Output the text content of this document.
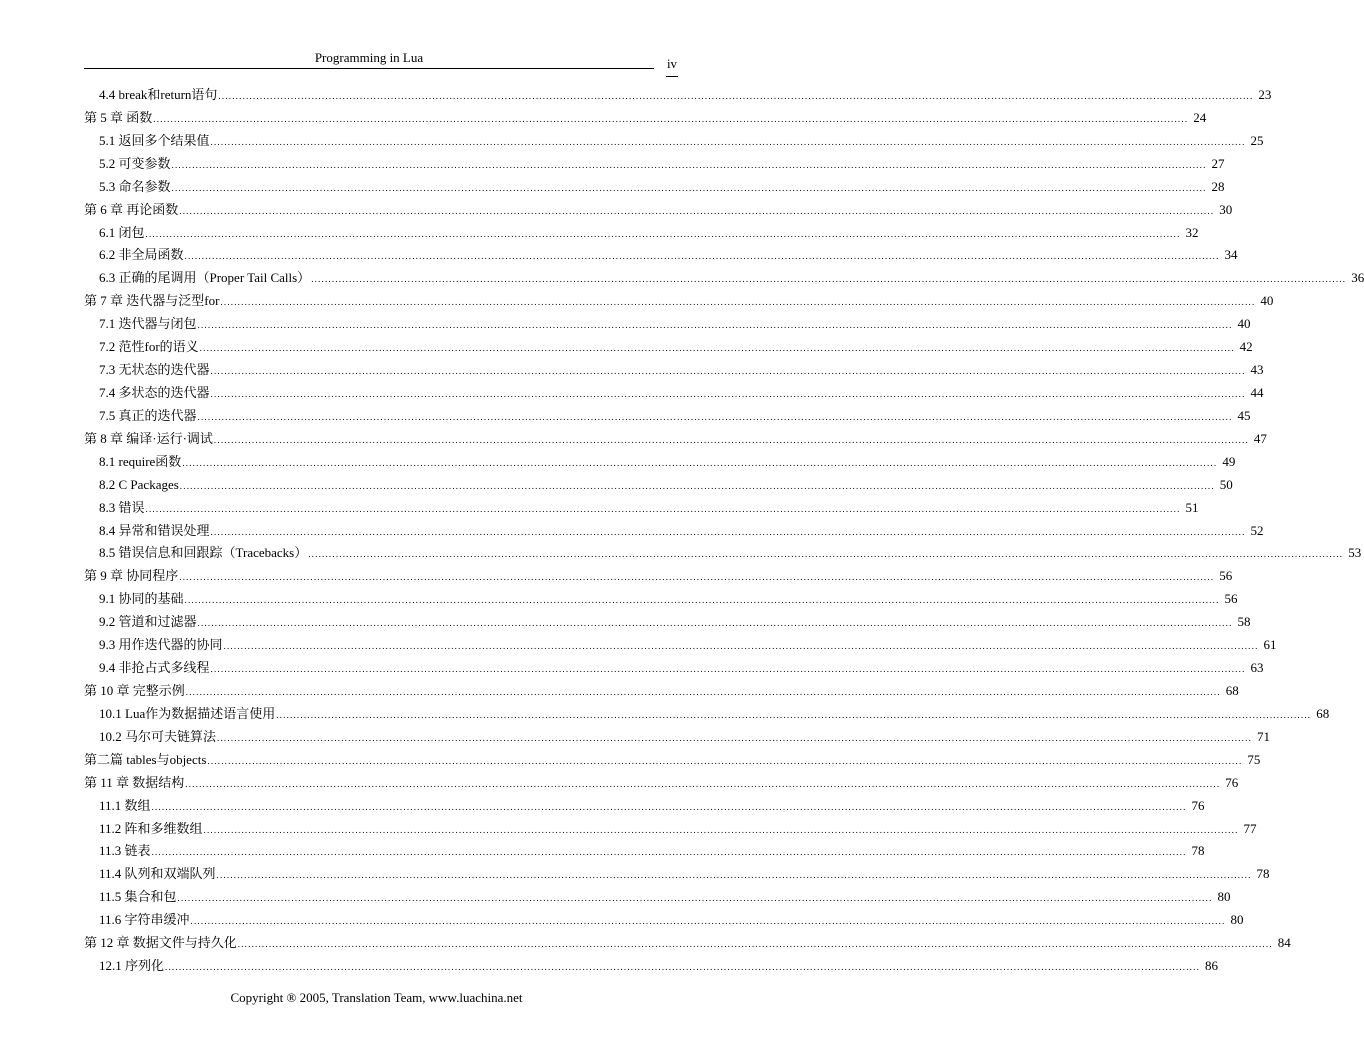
Programming in Lua	iv
4.4 break和return语句 ............................................................................................................................................................................................................................................................................................................ 23
第 5 章 函数 ............................................................................................................................................................................................................................................................................................................ 24
5.1 返回多个结果值 ............................................................................................................................................................................................................................................................................................................ 25
5.2 可变参数 ............................................................................................................................................................................................................................................................................................................ 27
5.3 命名参数 ............................................................................................................................................................................................................................................................................................................ 28
第 6 章 再论函数 ............................................................................................................................................................................................................................................................................................................ 30
6.1 闭包 ............................................................................................................................................................................................................................................................................................................ 32
6.2 非全局函数 ............................................................................................................................................................................................................................................................................................................ 34
6.3 正确的尾调用（Proper Tail Calls） ............................................................................................................................................................................................................................................................................................................ 36
第 7 章 迭代器与泛型for ............................................................................................................................................................................................................................................................................................................ 40
7.1 迭代器与闭包 ............................................................................................................................................................................................................................................................................................................ 40
7.2 范性for的语义 ............................................................................................................................................................................................................................................................................................................ 42
7.3 无状态的迭代器 ............................................................................................................................................................................................................................................................................................................ 43
7.4 多状态的迭代器 ............................................................................................................................................................................................................................................................................................................ 44
7.5 真正的迭代器 ............................................................................................................................................................................................................................................................................................................ 45
第 8 章 编译·运行·调试 ............................................................................................................................................................................................................................................................................................................ 47
8.1 require函数 ............................................................................................................................................................................................................................................................................................................ 49
8.2 C Packages ............................................................................................................................................................................................................................................................................................................ 50
8.3 错误 ............................................................................................................................................................................................................................................................................................................ 51
8.4 异常和错误处理 ............................................................................................................................................................................................................................................................................................................ 52
8.5 错误信息和回跟踪（Tracebacks） ............................................................................................................................................................................................................................................................................................................ 53
第 9 章 协同程序 ............................................................................................................................................................................................................................................................................................................ 56
9.1 协同的基础 ............................................................................................................................................................................................................................................................................................................ 56
9.2 管道和过滤器 ............................................................................................................................................................................................................................................................................................................ 58
9.3 用作迭代器的协同 ............................................................................................................................................................................................................................................................................................................ 61
9.4 非抢占式多线程 ............................................................................................................................................................................................................................................................................................................ 63
第 10 章 完整示例 ............................................................................................................................................................................................................................................................................................................ 68
10.1 Lua作为数据描述语言使用 ............................................................................................................................................................................................................................................................................................................ 68
10.2 马尔可夫链算法 ............................................................................................................................................................................................................................................................................................................ 71
第二篇 tables与objects ............................................................................................................................................................................................................................................................................................................ 75
第 11 章 数据结构 ............................................................................................................................................................................................................................................................................................................ 76
11.1 数组 ............................................................................................................................................................................................................................................................................................................ 76
11.2 阵和多维数组 ............................................................................................................................................................................................................................................................................................................ 77
11.3 链表 ............................................................................................................................................................................................................................................................................................................ 78
11.4 队列和双端队列 ............................................................................................................................................................................................................................................................................................................ 78
11.5 集合和包 ............................................................................................................................................................................................................................................................................................................ 80
11.6 字符串缓冲 ............................................................................................................................................................................................................................................................................................................ 80
第 12 章 数据文件与持久化 ............................................................................................................................................................................................................................................................................................................ 84
12.1 序列化 ............................................................................................................................................................................................................................................................................................................ 86
Copyright ® 2005, Translation Team, www.luachina.net
